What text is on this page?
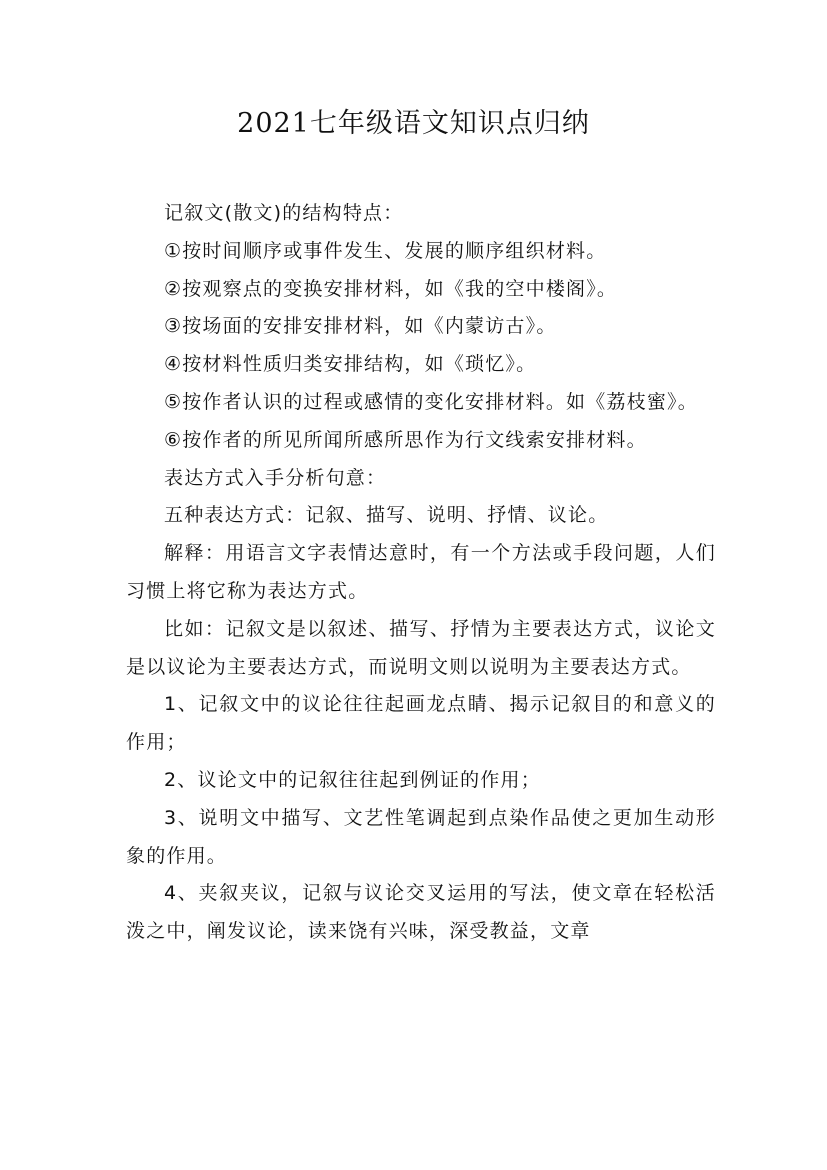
2021七年级语文知识点归纳

记叙文(散文)的结构特点：

①按时间顺序或事件发生、发展的顺序组织材料。

②按观察点的变换安排材料，如《我的空中楼阁》。

③按场面的安排安排材料，如《内蒙访古》。

④按材料性质归类安排结构，如《琐忆》。

⑤按作者认识的过程或感情的变化安排材料。如《荔枝蜜》。

⑥按作者的所见所闻所感所思作为行文线索安排材料。

表达方式入手分析句意：

五种表达方式：记叙、描写、说明、抒情、议论。

解释：用语言文字表情达意时，有一个方法或手段问题，人们习惯上将它称为表达方式。

比如：记叙文是以叙述、描写、抒情为主要表达方式，议论文是以议论为主要表达方式，而说明文则以说明为主要表达方式。

1、记叙文中的议论往往起画龙点睛、揭示记叙目的和意义的作用；

2、议论文中的记叙往往起到例证的作用；

3、说明文中描写、文艺性笔调起到点染作品使之更加生动形象的作用。

4、夹叙夹议，记叙与议论交叉运用的写法，使文章在轻松活泼之中，阐发议论，读来饶有兴味，深受教益，文章
